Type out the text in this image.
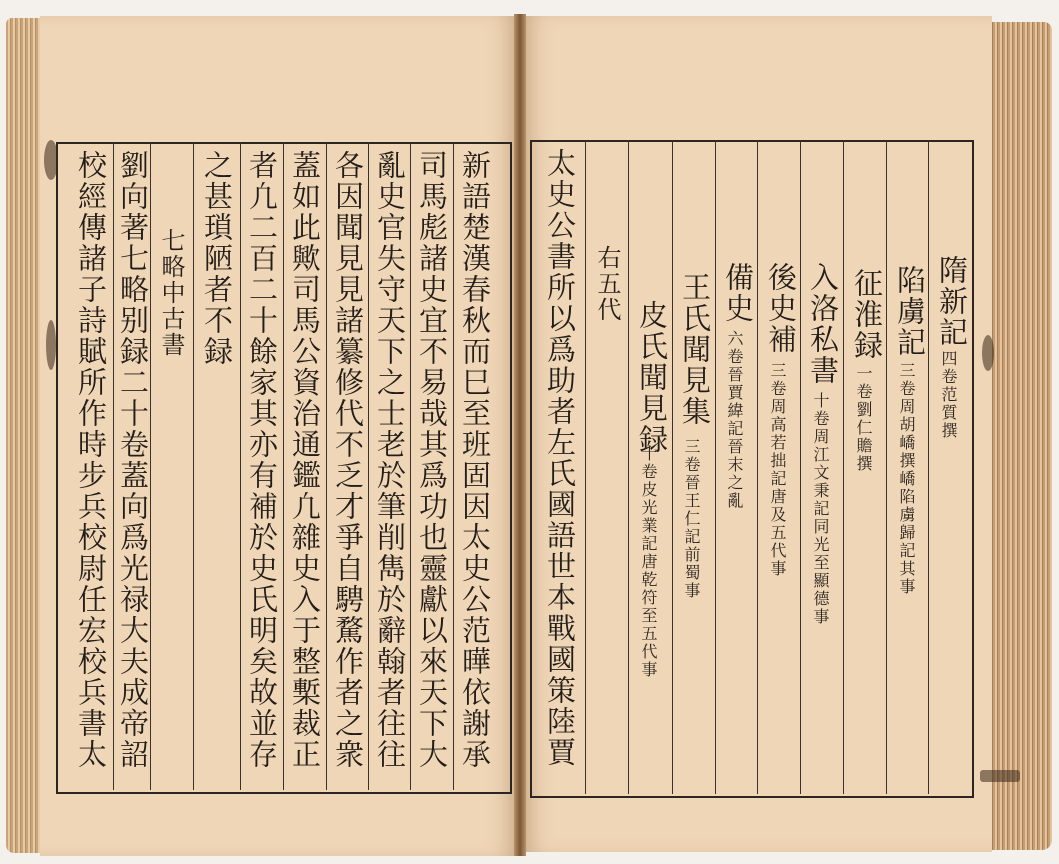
新語楚漢春秋而巳至班固因太史公范曄依謝承
司馬彪諸史宜不易哉其爲功也靈獻以來天下大
亂史官失守天下之士老於筆削雋於辭翰者往往
各因聞見見諸纂修代不乏才爭自騁騖作者之衆
蓋如此歟司馬公資治通鑑凢雜史入于整槧裁正
者凢二百二十餘家其亦有補於史氏明矣故並存
之甚瑣陋者不録
七略中古書
劉向著七略别録二十卷蓋向爲光禄大夫成帝詔
校經傳諸子詩賦所作時步兵校尉任宏校兵書太	隋新記
四卷范質撰
陷虜記
三卷周胡嶠撰嶠陷虜歸記其事
征淮録
一卷劉仁贍撰
入洛私書
十卷周江文秉記同光至顯德事
後史補
三卷周高若拙記唐及五代事
備史
六卷晉賈緯記晉末之亂
王氏聞見集
三卷晉王仁記前蜀事
皮氏聞見録
十卷皮光業記唐乾符至五代事
右五代
太史公書所以爲助者左氏國語世本戰國策陸賈
